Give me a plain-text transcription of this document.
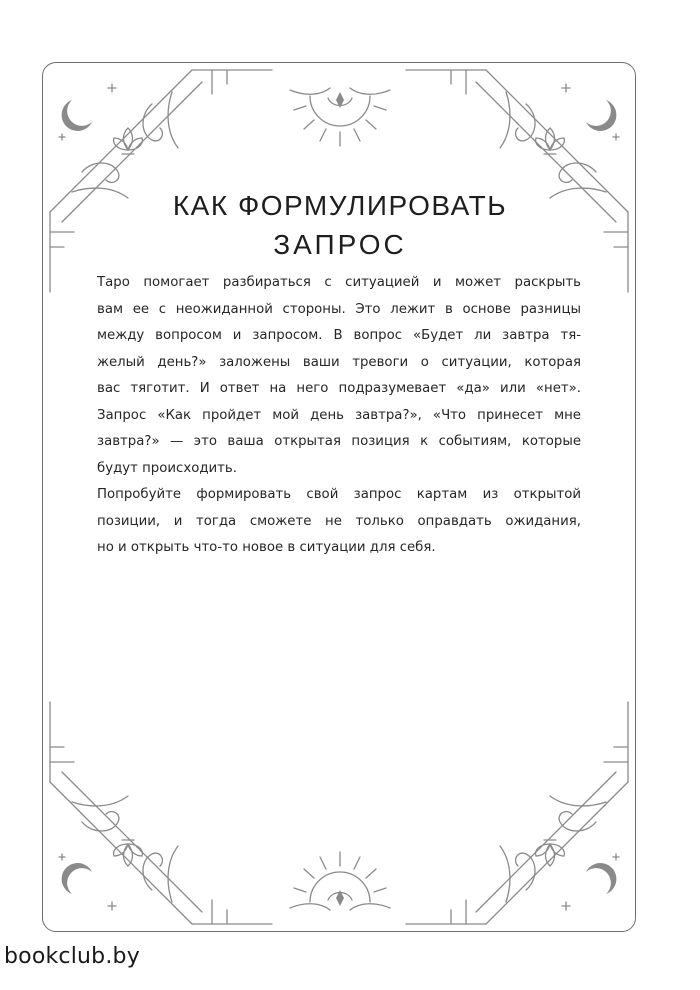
КАК ФОРМУЛИРОВАТЬ
ЗАПРОС

Таро помогает разбираться с ситуацией и может раскрыть
вам ее с неожиданной стороны. Это лежит в основе разницы
между вопросом и запросом. В вопрос «Будет ли завтра тя-
желый день?» заложены ваши тревоги о ситуации, которая
вас тяготит. И ответ на него подразумевает «да» или «нет».
Запрос «Как пройдет мой день завтра?», «Что принесет мне
завтра?» — это ваша открытая позиция к событиям, которые
будут происходить.

Попробуйте формировать свой запрос картам из открытой
позиции, и тогда сможете не только оправдать ожидания,
но и открыть что-то новое в ситуации для себя.

bookclub.by
